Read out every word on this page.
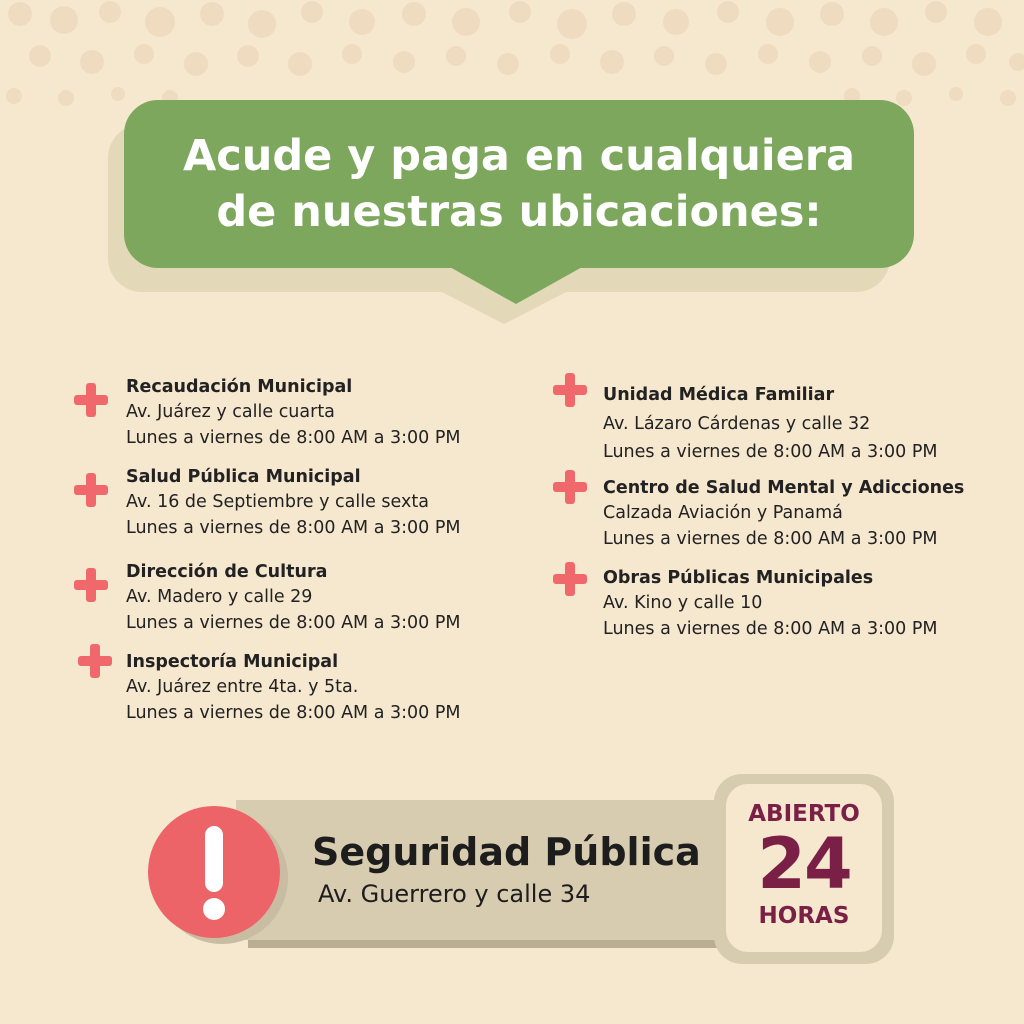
Acude y paga en cualquiera
de nuestras ubicaciones:
Recaudación Municipal
Av. Juárez y calle cuarta
Lunes a viernes de 8:00 AM a 3:00 PM
Salud Pública Municipal
Av. 16 de Septiembre y calle sexta
Lunes a viernes de 8:00 AM a 3:00 PM
Dirección de Cultura
Av. Madero y calle 29
Lunes a viernes de 8:00 AM a 3:00 PM
Inspectoría Municipal
Av. Juárez entre 4ta. y 5ta.
Lunes a viernes de 8:00 AM a 3:00 PM
Unidad Médica Familiar
Av. Lázaro Cárdenas y calle 32
Lunes a viernes de 8:00 AM a 3:00 PM
Centro de Salud Mental y Adicciones
Calzada Aviación y Panamá
Lunes a viernes de 8:00 AM a 3:00 PM
Obras Públicas Municipales
Av. Kino y calle 10
Lunes a viernes de 8:00 AM a 3:00 PM
Seguridad Pública
Av. Guerrero y calle 34
ABIERTO
24
HORAS
